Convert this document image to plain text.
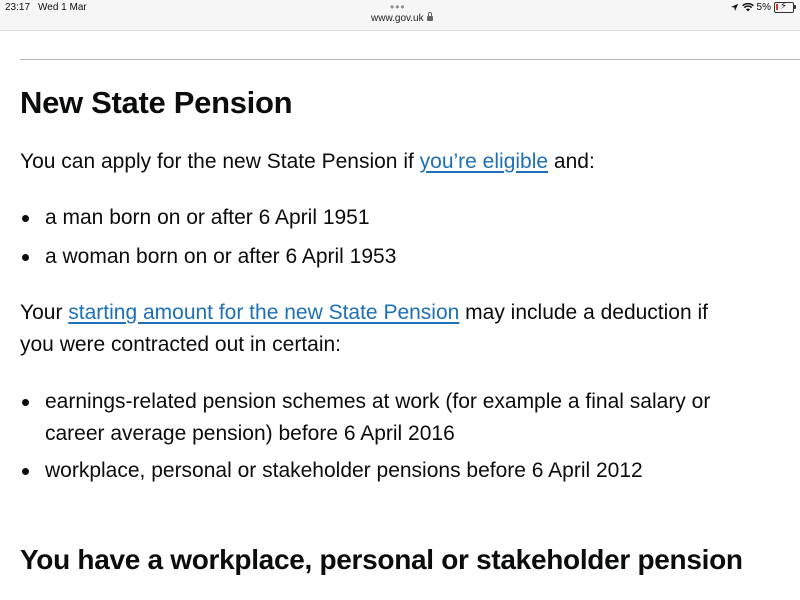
23:17 Wed 1 Mar	•••
www.gov.uk
5% ⚡
New State Pension

You can apply for the new State Pension if you’re eligible and:

a man born on or after 6 April 1951
a woman born on or after 6 April 1953

Your starting amount for the new State Pension may include a deduction if
you were contracted out in certain:

earnings-related pension schemes at work (for example a final salary or
career average pension) before 6 April 2016
workplace, personal or stakeholder pensions before 6 April 2012
You have a workplace, personal or stakeholder pension
